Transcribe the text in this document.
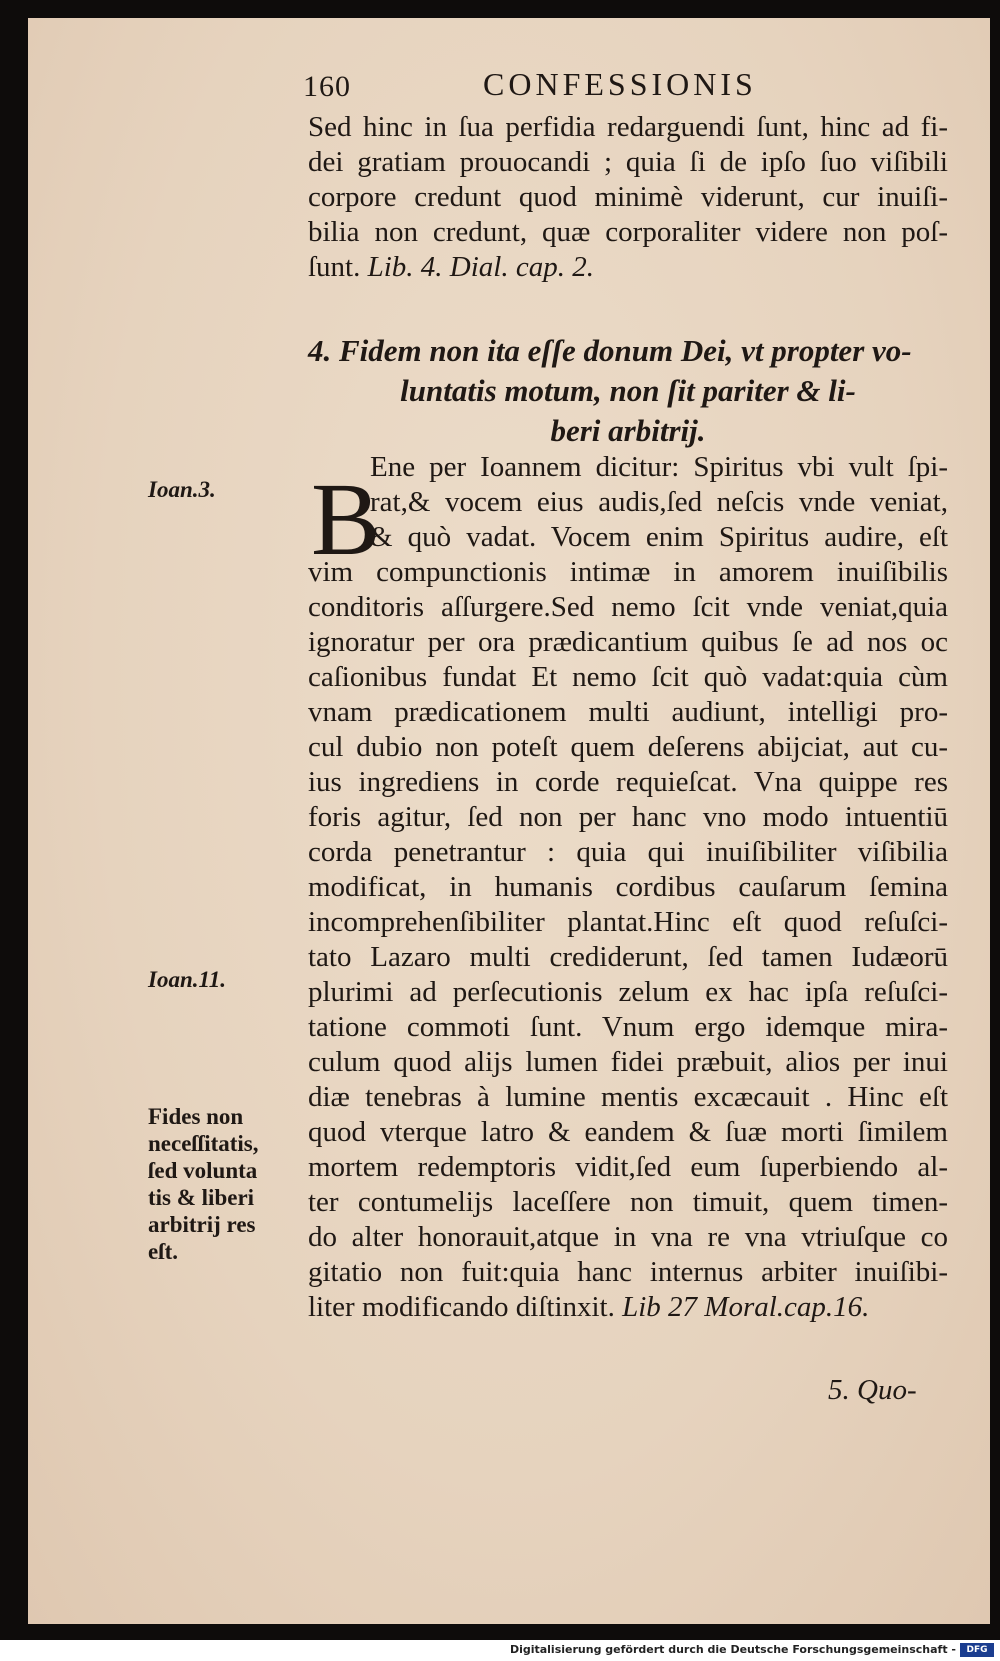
160	CONFESSIONIS
Sed hinc in ſua perfidia redarguendi ſunt, hinc ad fi-
dei gratiam prouocandi ; quia ſi de ipſo ſuo viſibili
corpore credunt quod minimè viderunt, cur inuiſi-
bilia non credunt, quæ corporaliter videre non poſ-
ſunt. Lib. 4. Dial. cap. 2.
4. Fidem non ita eſſe donum Dei, vt propter vo-
luntatis motum, non ſit pariter & li-
beri arbitrij.
B
Ene per Ioannem dicitur: Spiritus vbi vult ſpi-
rat,& vocem eius audis,ſed neſcis vnde veniat,
& quò vadat. Vocem enim Spiritus audire, eſt
vim compunctionis intimæ in amorem inuiſibilis
conditoris aſſurgere.Sed nemo ſcit vnde veniat,quia
ignoratur per ora prædicantium quibus ſe ad nos oc
caſionibus fundat Et nemo ſcit quò vadat:quia cùm
vnam prædicationem multi audiunt, intelligi pro-
cul dubio non poteſt quem deſerens abijciat, aut cu-
ius ingrediens in corde requieſcat. Vna quippe res
foris agitur, ſed non per hanc vno modo intuentiū
corda penetrantur : quia qui inuiſibiliter viſibilia
modificat, in humanis cordibus cauſarum ſemina
incomprehenſibiliter plantat.Hinc eſt quod reſuſci-
tato Lazaro multi crediderunt, ſed tamen Iudæorū
plurimi ad perſecutionis zelum ex hac ipſa reſuſci-
tatione commoti ſunt. Vnum ergo idemque mira-
culum quod alijs lumen fidei præbuit, alios per inui
diæ tenebras à lumine mentis excæcauit . Hinc eſt
quod vterque latro & eandem & ſuæ morti ſimilem
mortem redemptoris vidit,ſed eum ſuperbiendo al-
ter contumelijs laceſſere non timuit, quem timen-
do alter honorauit,atque in vna re vna vtriuſque co
gitatio non fuit:quia hanc internus arbiter inuiſibi-
liter modificando diſtinxit. Lib 27 Moral.cap.16.
Ioan.3.
Ioan.11.
Fides non
neceſſitatis,
ſed volunta
tis & liberi
arbitrij res
eſt.
5. Quo-
Digitalisierung gefördert durch die Deutsche Forschungsgemeinschaft -	DFG
